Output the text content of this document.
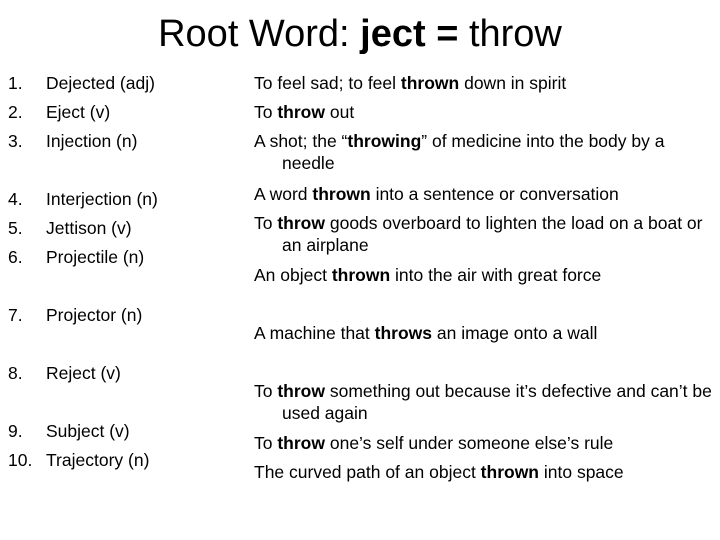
Root Word: ject = throw
1. Dejected (adj)
2. Eject (v)
3. Injection (n)
4. Interjection (n)
5. Jettison (v)
6. Projectile (n)
7. Projector (n)
8. Reject (v)
9. Subject (v)
10. Trajectory (n)
To feel sad; to feel thrown down in spirit
To throw out
A shot; the “throwing” of medicine into the body by a needle
A word thrown into a sentence or conversation
To throw goods overboard to lighten the load on a boat or an airplane
An object thrown into the air with great force
A machine that throws an image onto a wall
To throw something out because it’s defective and can’t be used again
To throw one’s self under someone else’s rule
The curved path of an object thrown into space
